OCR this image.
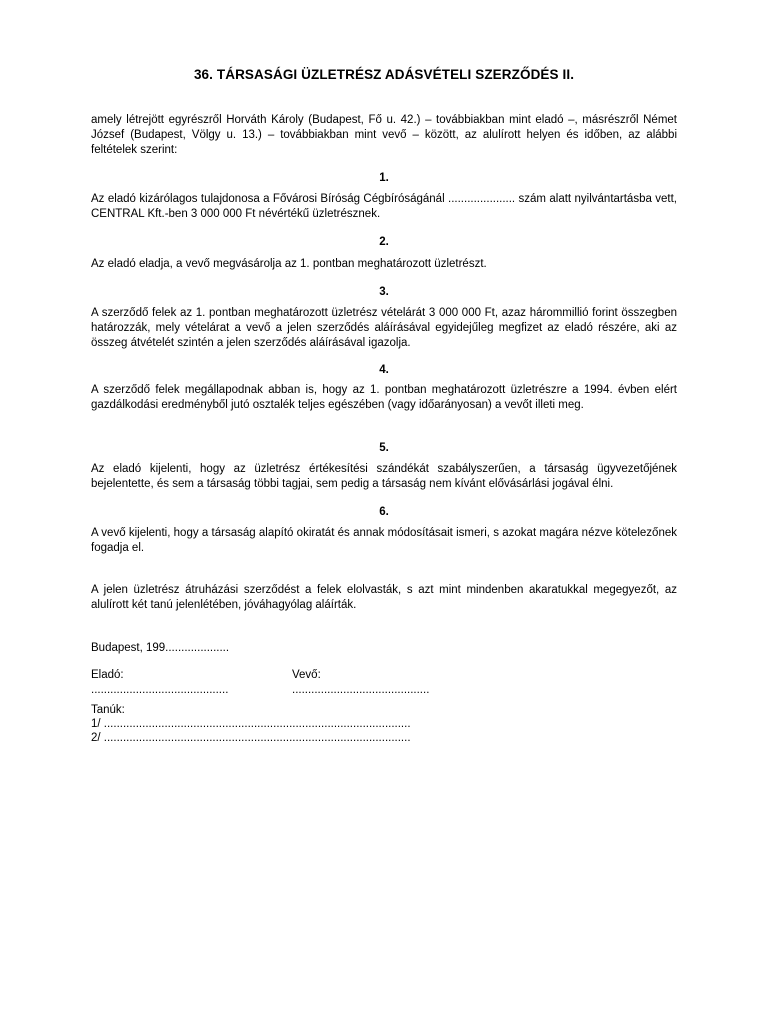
36. TÁRSASÁGI ÜZLETRÉSZ ADÁSVÉTELI SZERZŐDÉS II.

amely létrejött egyrészről Horváth Károly (Budapest, Fő u. 42.) – továbbiakban mint eladó –, másrészről Német József (Budapest, Völgy u. 13.) – továbbiakban mint vevő – között, az alulírott helyen és időben, az alábbi feltételek szerint:

1.

Az eladó kizárólagos tulajdonosa a Fővárosi Bíróság Cégbíróságánál ..................... szám alatt nyilvántartásba vett, CENTRAL Kft.-ben 3 000 000 Ft névértékű üzletrésznek.

2.

Az eladó eladja, a vevő megvásárolja az 1. pontban meghatározott üzletrészt.

3.

A szerződő felek az 1. pontban meghatározott üzletrész vételárát 3 000 000 Ft, azaz hárommillió forint összegben határozzák, mely vételárat a vevő a jelen szerződés aláírásával egyidejűleg megfizet az eladó részére, aki az összeg átvételét szintén a jelen szerződés aláírásával igazolja.

4.

A szerződő felek megállapodnak abban is, hogy az 1. pontban meghatározott üzletrészre a 1994. évben elért gazdálkodási eredményből jutó osztalék teljes egészében (vagy időarányosan) a vevőt illeti meg.

5.

Az eladó kijelenti, hogy az üzletrész értékesítési szándékát szabályszerűen, a társaság ügyvezetőjének bejelentette, és sem a társaság többi tagjai, sem pedig a társaság nem kívánt elővásárlási jogával élni.

6.

A vevő kijelenti, hogy a társaság alapító okiratát és annak módosításait ismeri, s azokat magára nézve kötelezőnek fogadja el.

A jelen üzletrész átruházási szerződést a felek elolvasták, s azt mint mindenben akaratukkal megegyezőt, az alulírott két tanú jelenlétében, jóváhagyólag aláírták.

Budapest, 199....................
Eladó:	Vevő:
...........................................	...........................................
Tanúk:
1/ ................................................................................................
2/ ................................................................................................
